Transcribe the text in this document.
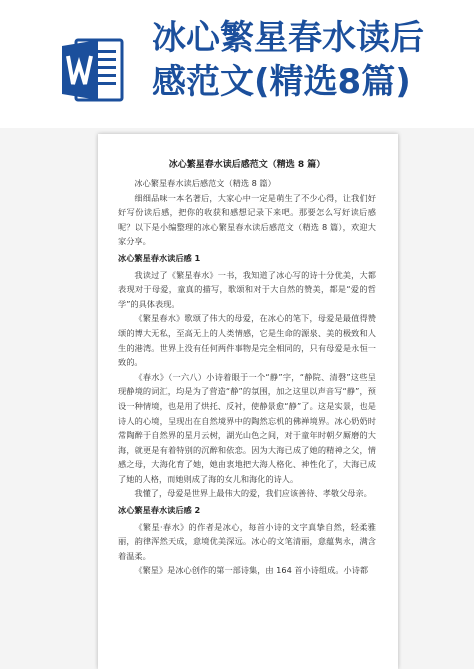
冰心繁星春水读后
感范文(精选8篇)
冰心繁星春水读后感范文（精选 8 篇）

冰心繁星春水读后感范文（精选 8 篇）

细细品味一本名著后，大家心中一定是萌生了不少心得，让我们好好写份读后感，把你的收获和感想记录下来吧。那要怎么写好读后感呢？以下是小编整理的冰心繁星春水读后感范文（精选 8 篇），欢迎大家分享。

冰心繁星春水读后感 1

我读过了《繁星春水》一书，我知道了冰心写的诗十分优美，大都表现对于母爱，童真的描写，歌颂和对于大自然的赞美，都是“爱的哲学”的具体表现。

《繁星春水》歌颂了伟大的母爱，在冰心的笔下，母爱是最值得赞颂的博大无私，至高无上的人类情感，它是生命的源泉、美的极致和人生的港湾。世界上没有任何两件事物是完全相同的，只有母爱是永恒一致的。

《春水》（一六八）小诗着眼于一个“静”字，“静院、清磬”这些呈现静境的词汇，均是为了营造“静”的氛围，加之这里以声音写“静”，预设一种情境，也是用了烘托、反衬，使静景愈“静”了。这是实景，也是诗人的心境，呈现出在自然境界中的陶然忘机的佛禅境界。冰心奶奶时常陶醉于自然界的星月云树，湖光山色之间，对于童年时朝夕厮磨的大海，就更是有着特别的沉醉和依恋。因为大海已成了她的精神之父，情感之母，大海化育了她，她由衷地把大海人格化、神性化了，大海已成了她的人格，而她则成了海的女儿和海化的诗人。

我懂了，母爱是世界上最伟大的爱，我们应该善待、孝敬父母亲。

冰心繁星春水读后感 2

《繁星·春水》的作者是冰心，每首小诗的文字真挚自然，轻柔雅丽，韵律浑然天成，意境优美深远。冰心的文笔清丽，意蕴隽永，满含着温柔。

《繁星》是冰心创作的第一部诗集，由 164 首小诗组成。小诗都
